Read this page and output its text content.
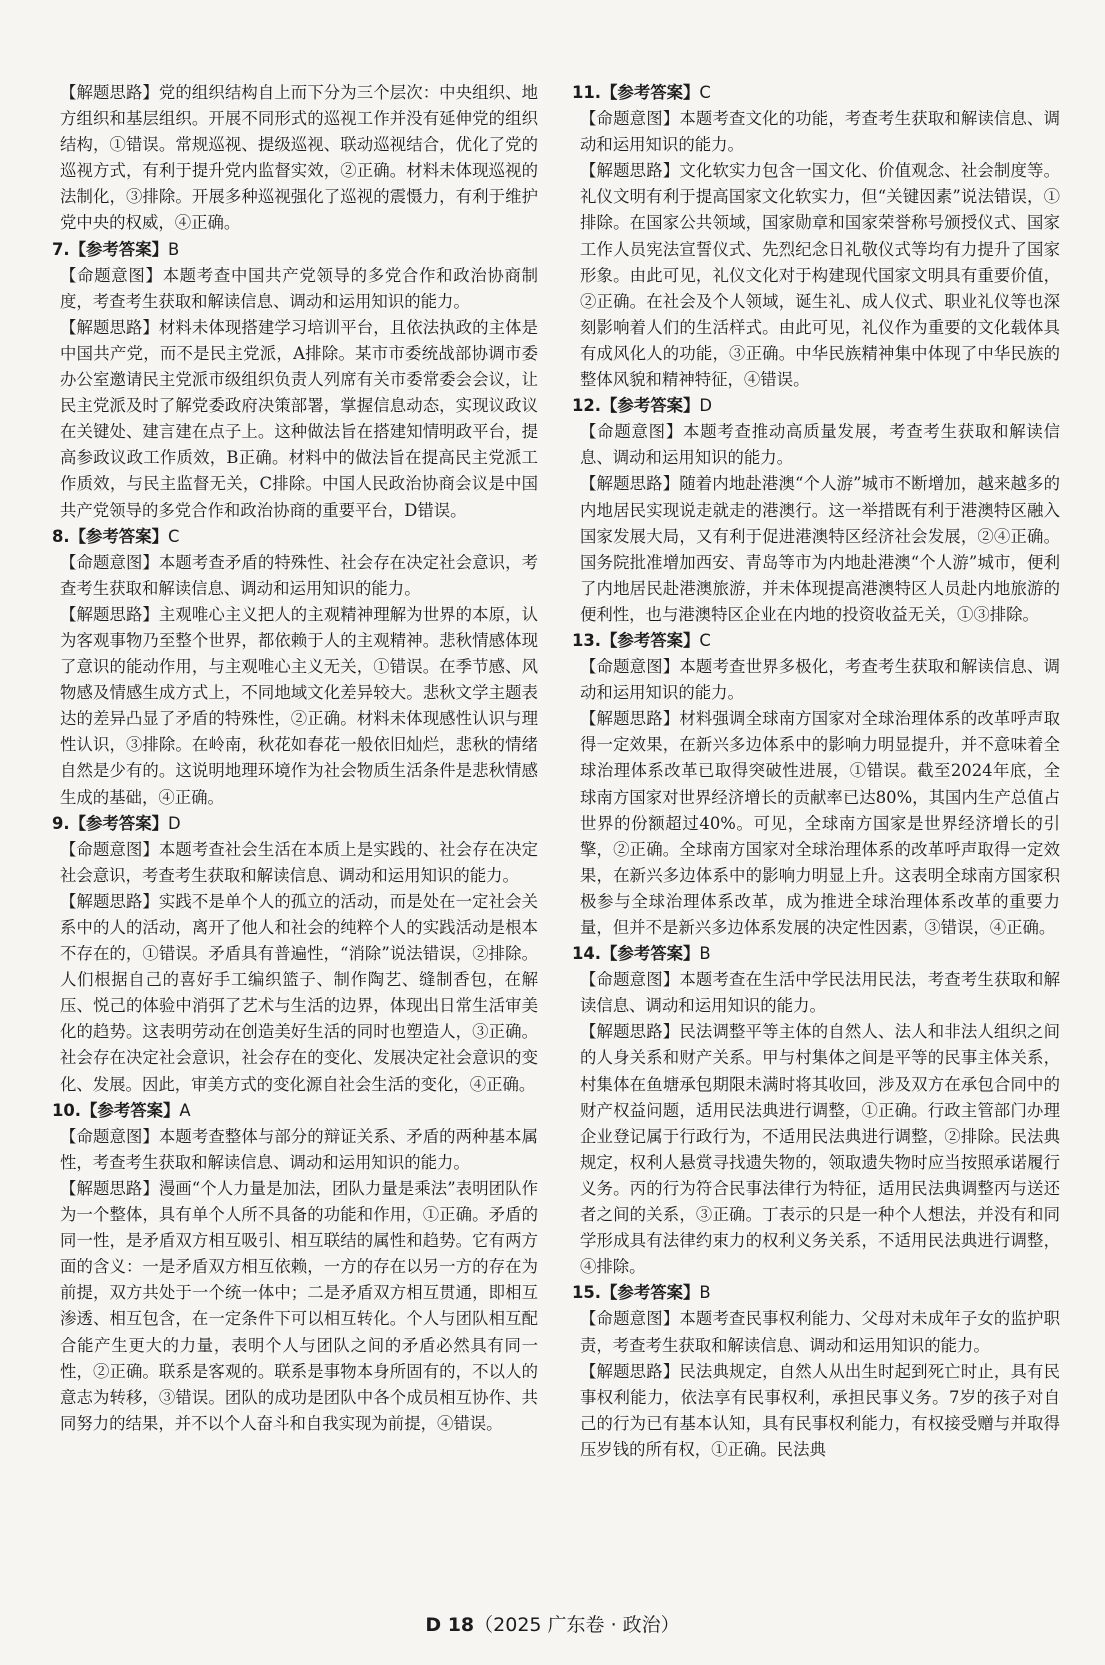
【解题思路】党的组织结构自上而下分为三个层次：中央组织、地方组织和基层组织。开展不同形式的巡视工作并没有延伸党的组织结构，①错误。常规巡视、提级巡视、联动巡视结合，优化了党的巡视方式，有利于提升党内监督实效，②正确。材料未体现巡视的法制化，③排除。开展多种巡视强化了巡视的震慑力，有利于维护党中央的权威，④正确。

7.【参考答案】B

【命题意图】本题考查中国共产党领导的多党合作和政治协商制度，考查考生获取和解读信息、调动和运用知识的能力。

【解题思路】材料未体现搭建学习培训平台，且依法执政的主体是中国共产党，而不是民主党派，A排除。某市市委统战部协调市委办公室邀请民主党派市级组织负责人列席有关市委常委会会议，让民主党派及时了解党委政府决策部署，掌握信息动态，实现议政议在关键处、建言建在点子上。这种做法旨在搭建知情明政平台，提高参政议政工作质效，B正确。材料中的做法旨在提高民主党派工作质效，与民主监督无关，C排除。中国人民政治协商会议是中国共产党领导的多党合作和政治协商的重要平台，D错误。

8.【参考答案】C

【命题意图】本题考查矛盾的特殊性、社会存在决定社会意识，考查考生获取和解读信息、调动和运用知识的能力。

【解题思路】主观唯心主义把人的主观精神理解为世界的本原，认为客观事物乃至整个世界，都依赖于人的主观精神。悲秋情感体现了意识的能动作用，与主观唯心主义无关，①错误。在季节感、风物感及情感生成方式上，不同地域文化差异较大。悲秋文学主题表达的差异凸显了矛盾的特殊性，②正确。材料未体现感性认识与理性认识，③排除。在岭南，秋花如春花一般依旧灿烂，悲秋的情绪自然是少有的。这说明地理环境作为社会物质生活条件是悲秋情感生成的基础，④正确。

9.【参考答案】D

【命题意图】本题考查社会生活在本质上是实践的、社会存在决定社会意识，考查考生获取和解读信息、调动和运用知识的能力。

【解题思路】实践不是单个人的孤立的活动，而是处在一定社会关系中的人的活动，离开了他人和社会的纯粹个人的实践活动是根本不存在的，①错误。矛盾具有普遍性，“消除”说法错误，②排除。人们根据自己的喜好手工编织篮子、制作陶艺、缝制香包，在解压、悦己的体验中消弭了艺术与生活的边界，体现出日常生活审美化的趋势。这表明劳动在创造美好生活的同时也塑造人，③正确。社会存在决定社会意识，社会存在的变化、发展决定社会意识的变化、发展。因此，审美方式的变化源自社会生活的变化，④正确。

10.【参考答案】A

【命题意图】本题考查整体与部分的辩证关系、矛盾的两种基本属性，考查考生获取和解读信息、调动和运用知识的能力。

【解题思路】漫画“个人力量是加法，团队力量是乘法”表明团队作为一个整体，具有单个人所不具备的功能和作用，①正确。矛盾的同一性，是矛盾双方相互吸引、相互联结的属性和趋势。它有两方面的含义：一是矛盾双方相互依赖，一方的存在以另一方的存在为前提，双方共处于一个统一体中；二是矛盾双方相互贯通，即相互渗透、相互包含，在一定条件下可以相互转化。个人与团队相互配合能产生更大的力量，表明个人与团队之间的矛盾必然具有同一性，②正确。联系是客观的。联系是事物本身所固有的，不以人的意志为转移，③错误。团队的成功是团队中各个成员相互协作、共同努力的结果，并不以个人奋斗和自我实现为前提，④错误。

11.【参考答案】C

【命题意图】本题考查文化的功能，考查考生获取和解读信息、调动和运用知识的能力。

【解题思路】文化软实力包含一国文化、价值观念、社会制度等。礼仪文明有利于提高国家文化软实力，但“关键因素”说法错误，①排除。在国家公共领域，国家勋章和国家荣誉称号颁授仪式、国家工作人员宪法宣誓仪式、先烈纪念日礼敬仪式等均有力提升了国家形象。由此可见，礼仪文化对于构建现代国家文明具有重要价值，②正确。在社会及个人领域，诞生礼、成人仪式、职业礼仪等也深刻影响着人们的生活样式。由此可见，礼仪作为重要的文化载体具有成风化人的功能，③正确。中华民族精神集中体现了中华民族的整体风貌和精神特征，④错误。

12.【参考答案】D

【命题意图】本题考查推动高质量发展，考查考生获取和解读信息、调动和运用知识的能力。

【解题思路】随着内地赴港澳“个人游”城市不断增加，越来越多的内地居民实现说走就走的港澳行。这一举措既有利于港澳特区融入国家发展大局，又有利于促进港澳特区经济社会发展，②④正确。国务院批准增加西安、青岛等市为内地赴港澳“个人游”城市，便利了内地居民赴港澳旅游，并未体现提高港澳特区人员赴内地旅游的便利性，也与港澳特区企业在内地的投资收益无关，①③排除。

13.【参考答案】C

【命题意图】本题考查世界多极化，考查考生获取和解读信息、调动和运用知识的能力。

【解题思路】材料强调全球南方国家对全球治理体系的改革呼声取得一定效果，在新兴多边体系中的影响力明显提升，并不意味着全球治理体系改革已取得突破性进展，①错误。截至2024年底，全球南方国家对世界经济增长的贡献率已达80%，其国内生产总值占世界的份额超过40%。可见，全球南方国家是世界经济增长的引擎，②正确。全球南方国家对全球治理体系的改革呼声取得一定效果，在新兴多边体系中的影响力明显上升。这表明全球南方国家积极参与全球治理体系改革，成为推进全球治理体系改革的重要力量，但并不是新兴多边体系发展的决定性因素，③错误，④正确。

14.【参考答案】B

【命题意图】本题考查在生活中学民法用民法，考查考生获取和解读信息、调动和运用知识的能力。

【解题思路】民法调整平等主体的自然人、法人和非法人组织之间的人身关系和财产关系。甲与村集体之间是平等的民事主体关系，村集体在鱼塘承包期限未满时将其收回，涉及双方在承包合同中的财产权益问题，适用民法典进行调整，①正确。行政主管部门办理企业登记属于行政行为，不适用民法典进行调整，②排除。民法典规定，权利人悬赏寻找遗失物的，领取遗失物时应当按照承诺履行义务。丙的行为符合民事法律行为特征，适用民法典调整丙与送还者之间的关系，③正确。丁表示的只是一种个人想法，并没有和同学形成具有法律约束力的权利义务关系，不适用民法典进行调整，④排除。

15.【参考答案】B

【命题意图】本题考查民事权利能力、父母对未成年子女的监护职责，考查考生获取和解读信息、调动和运用知识的能力。

【解题思路】民法典规定，自然人从出生时起到死亡时止，具有民事权利能力，依法享有民事权利，承担民事义务。7岁的孩子对自己的行为已有基本认知，具有民事权利能力，有权接受赠与并取得压岁钱的所有权，①正确。民法典

D 18（2025 广东卷 · 政治）
